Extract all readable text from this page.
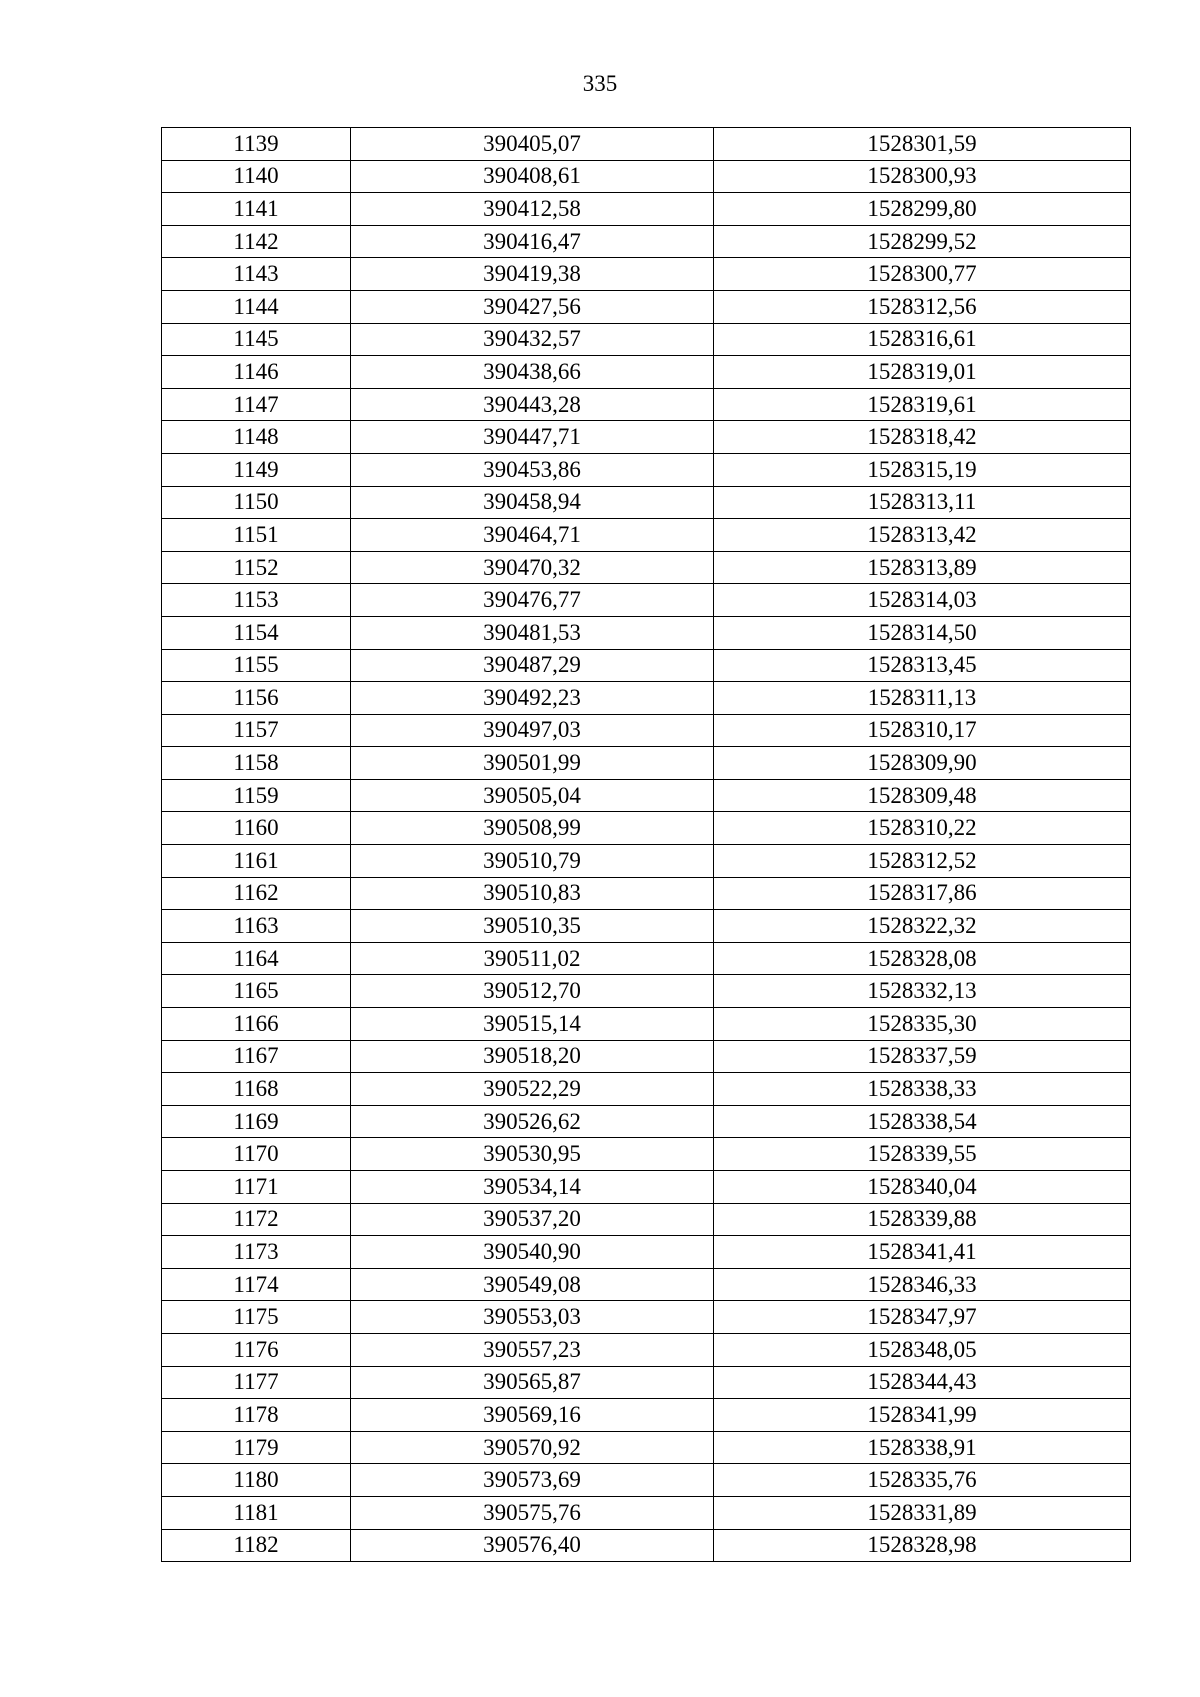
335
1139	390405,07	1528301,59
1140	390408,61	1528300,93
1141	390412,58	1528299,80
1142	390416,47	1528299,52
1143	390419,38	1528300,77
1144	390427,56	1528312,56
1145	390432,57	1528316,61
1146	390438,66	1528319,01
1147	390443,28	1528319,61
1148	390447,71	1528318,42
1149	390453,86	1528315,19
1150	390458,94	1528313,11
1151	390464,71	1528313,42
1152	390470,32	1528313,89
1153	390476,77	1528314,03
1154	390481,53	1528314,50
1155	390487,29	1528313,45
1156	390492,23	1528311,13
1157	390497,03	1528310,17
1158	390501,99	1528309,90
1159	390505,04	1528309,48
1160	390508,99	1528310,22
1161	390510,79	1528312,52
1162	390510,83	1528317,86
1163	390510,35	1528322,32
1164	390511,02	1528328,08
1165	390512,70	1528332,13
1166	390515,14	1528335,30
1167	390518,20	1528337,59
1168	390522,29	1528338,33
1169	390526,62	1528338,54
1170	390530,95	1528339,55
1171	390534,14	1528340,04
1172	390537,20	1528339,88
1173	390540,90	1528341,41
1174	390549,08	1528346,33
1175	390553,03	1528347,97
1176	390557,23	1528348,05
1177	390565,87	1528344,43
1178	390569,16	1528341,99
1179	390570,92	1528338,91
1180	390573,69	1528335,76
1181	390575,76	1528331,89
1182	390576,40	1528328,98
